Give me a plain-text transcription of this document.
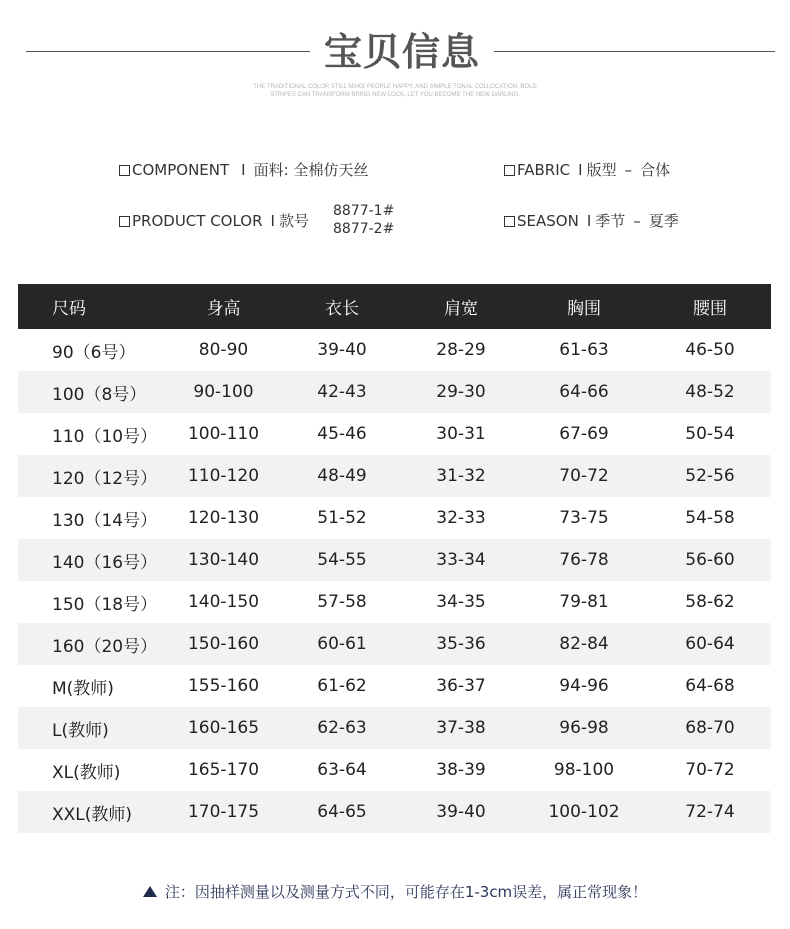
宝贝信息
THE TRADITIONAL COLOR STILL MAKE PEOPLE HAPPY, AND SIMPLE TONAL COLLOCATION, BOLD
STRIPES CAN TRANSFORM BRING NEW LOCK, LET YOU BECOME THE NEW DARLING.
COMPONENT I 面料: 全棉仿天丝	FABRIC I 版型 – 合体
PRODUCT COLOR I 款号
8877-1#
8877-2#	SEASON I 季节 – 夏季
尺码	身高	衣长	肩宽	胸围	腰围
90（6号）	80-90	39-40	28-29	61-63	46-50
100（8号）	90-100	42-43	29-30	64-66	48-52
110（10号）	100-110	45-46	30-31	67-69	50-54
120（12号）	110-120	48-49	31-32	70-72	52-56
130（14号）	120-130	51-52	32-33	73-75	54-58
140（16号）	130-140	54-55	33-34	76-78	56-60
150（18号）	140-150	57-58	34-35	79-81	58-62
160（20号）	150-160	60-61	35-36	82-84	60-64
M(教师)	155-160	61-62	36-37	94-96	64-68
L(教师)	160-165	62-63	37-38	96-98	68-70
XL(教师)	165-170	63-64	38-39	98-100	70-72
XXL(教师)	170-175	64-65	39-40	100-102	72-74
注：因抽样测量以及测量方式不同，可能存在1-3cm误差，属正常现象！
